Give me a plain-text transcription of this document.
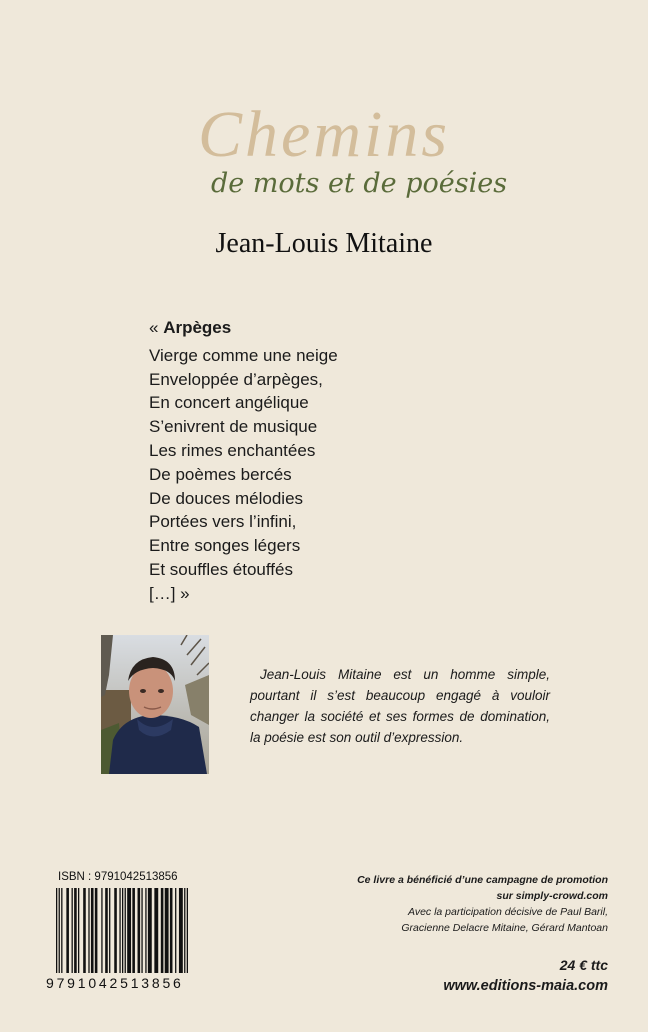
Chemins
de mots et de poésies
Jean-Louis Mitaine
« Arpèges
Vierge comme une neige
Enveloppée d’arpèges,
En concert angélique
S’enivrent de musique
Les rimes enchantées
De poèmes bercés
De douces mélodies
Portées vers l’infini,
Entre songes légers
Et souffles étouffés
[…] »
Jean-Louis Mitaine est un homme simple, pourtant il s’est beaucoup engagé à vouloir changer la société et ses formes de domination, la poésie est son outil d’expression.
ISBN : 9791042513856
9791042513856
Ce livre a bénéficié d’une campagne de promotion
sur simply-crowd.com
Avec la participation décisive de Paul Baril,
Gracienne Delacre Mitaine, Gérard Mantoan
24 € ttc
www.editions-maia.com
